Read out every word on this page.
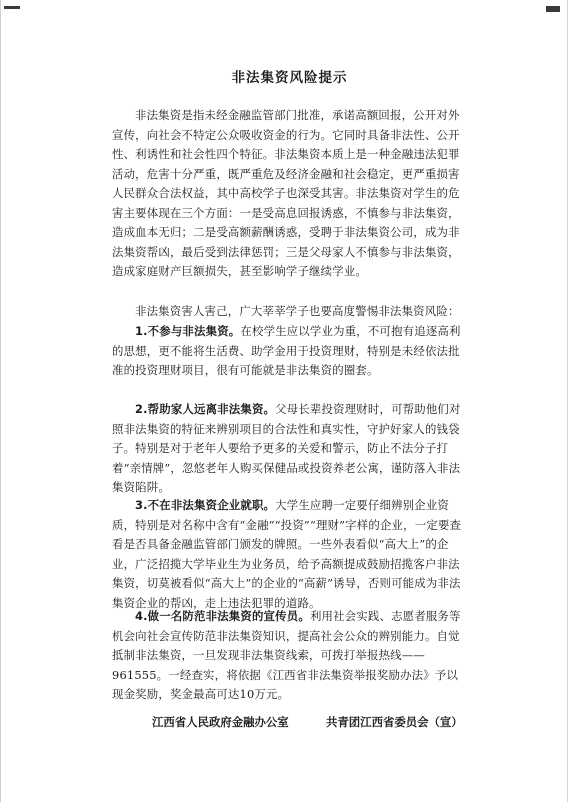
非法集资风险提示

非法集资是指未经金融监管部门批准，承诺高额回报，公开对外宣传，向社会不特定公众吸收资金的行为。它同时具备非法性、公开性、利诱性和社会性四个特征。非法集资本质上是一种金融违法犯罪活动，危害十分严重，既严重危及经济金融和社会稳定，更严重损害人民群众合法权益，其中高校学子也深受其害。非法集资对学生的危害主要体现在三个方面：一是受高息回报诱惑，不慎参与非法集资，造成血本无归；二是受高额薪酬诱惑，受聘于非法集资公司，成为非法集资帮凶，最后受到法律惩罚；三是父母家人不慎参与非法集资，造成家庭财产巨额损失，甚至影响学子继续学业。

非法集资害人害己，广大莘莘学子也要高度警惕非法集资风险：

1.不参与非法集资。在校学生应以学业为重，不可抱有追逐高利的思想，更不能将生活费、助学金用于投资理财，特别是未经依法批准的投资理财项目，很有可能就是非法集资的圈套。

2.帮助家人远离非法集资。父母长辈投资理财时，可帮助他们对照非法集资的特征来辨别项目的合法性和真实性，守护好家人的钱袋子。特别是对于老年人要给予更多的关爱和警示，防止不法分子打着“亲情牌”，忽悠老年人购买保健品或投资养老公寓，谨防落入非法集资陷阱。

3.不在非法集资企业就职。大学生应聘一定要仔细辨别企业资质，特别是对名称中含有“金融”“投资”“理财”字样的企业，一定要查看是否具备金融监管部门颁发的牌照。一些外表看似“高大上”的企业，广泛招揽大学毕业生为业务员，给予高额提成鼓励招揽客户非法集资，切莫被看似“高大上”的企业的“高薪”诱导，否则可能成为非法集资企业的帮凶，走上违法犯罪的道路。

4.做一名防范非法集资的宣传员。利用社会实践、志愿者服务等机会向社会宣传防范非法集资知识，提高社会公众的辨别能力。自觉抵制非法集资，一旦发现非法集资线索，可拨打举报热线——961555。一经查实，将依据《江西省非法集资举报奖励办法》予以现金奖励，奖金最高可达10万元。

江西省人民政府金融办公室	共青团江西省委员会（宣）
